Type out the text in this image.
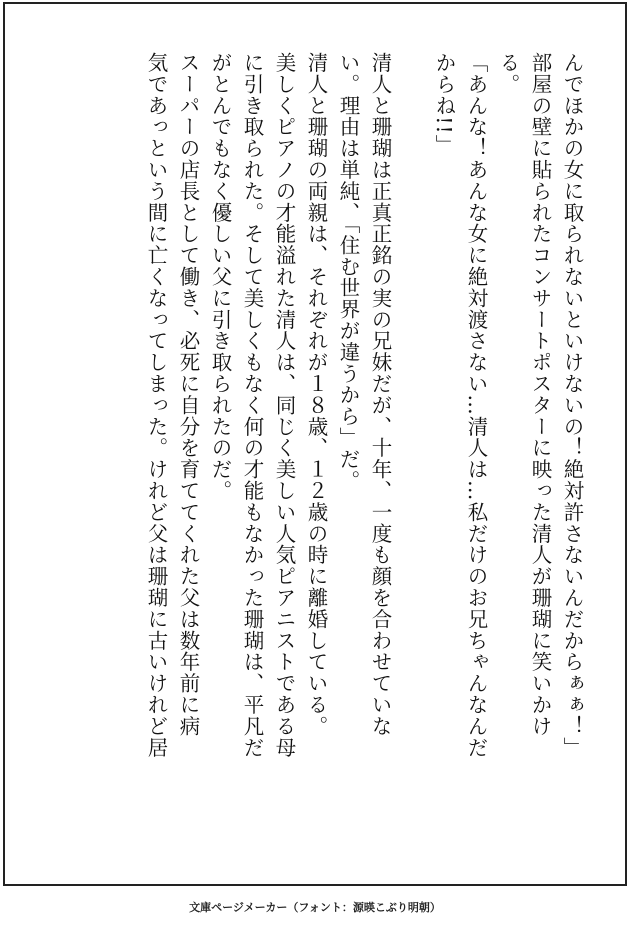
んでほかの女に取られないといけないの！絶対許さないんだからぁぁ！」
部屋の壁に貼られたコンサートポスターに映った清人が珊瑚に笑いかけ
る。
「あんな！あんな女に絶対渡さない…清人は…私だけのお兄ちゃんなんだ
からね!!」
清人と珊瑚は正真正銘の実の兄妹だが、十年、一度も顔を合わせていな
い。理由は単純、「住む世界が違うから」だ。
清人と珊瑚の両親は、それぞれが１８歳、１２歳の時に離婚している。
美しくピアノの才能溢れた清人は、同じく美しい人気ピアニストである母
に引き取られた。そして美しくもなく何の才能もなかった珊瑚は、平凡だ
がとんでもなく優しい父に引き取られたのだ。
スーパーの店長として働き、必死に自分を育ててくれた父は数年前に病
気であっという間に亡くなってしまった。けれど父は珊瑚に古いけれど居
文庫ページメーカー（フォント：源暎こぶり明朝）
